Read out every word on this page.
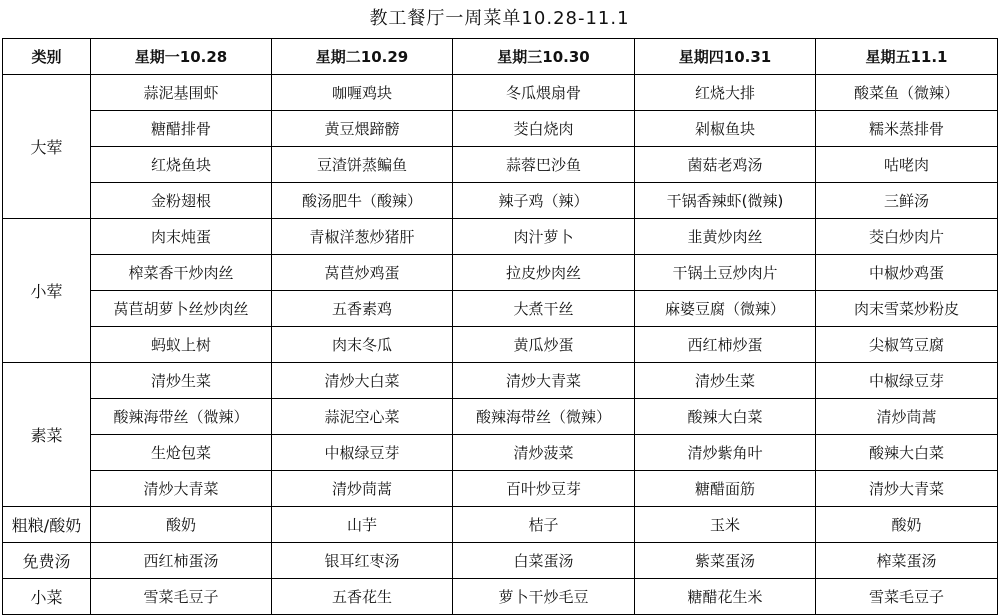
教工餐厅一周菜单10.28-11.1
类别	星期一10.28	星期二10.29	星期三10.30	星期四10.31	星期五11.1
大荤	蒜泥基围虾	咖喱鸡块	冬瓜煨扇骨	红烧大排	酸菜鱼（微辣）
	糖醋排骨	黄豆煨蹄髈	茭白烧肉	剁椒鱼块	糯米蒸排骨
	红烧鱼块	豆渣饼蒸鳊鱼	蒜蓉巴沙鱼	菌菇老鸡汤	咕咾肉
	金粉翅根	酸汤肥牛（酸辣）	辣子鸡（辣）	干锅香辣虾(微辣)	三鲜汤
小荤	肉末炖蛋	青椒洋葱炒猪肝	肉汁萝卜	韭黄炒肉丝	茭白炒肉片
	榨菜香干炒肉丝	莴苣炒鸡蛋	拉皮炒肉丝	干锅土豆炒肉片	中椒炒鸡蛋
	莴苣胡萝卜丝炒肉丝	五香素鸡	大煮干丝	麻婆豆腐（微辣）	肉末雪菜炒粉皮
	蚂蚁上树	肉末冬瓜	黄瓜炒蛋	西红柿炒蛋	尖椒笃豆腐
素菜	清炒生菜	清炒大白菜	清炒大青菜	清炒生菜	中椒绿豆芽
	酸辣海带丝（微辣）	蒜泥空心菜	酸辣海带丝（微辣）	酸辣大白菜	清炒茼蒿
	生炝包菜	中椒绿豆芽	清炒菠菜	清炒紫角叶	酸辣大白菜
	清炒大青菜	清炒茼蒿	百叶炒豆芽	糖醋面筋	清炒大青菜
粗粮/酸奶	酸奶	山芋	桔子	玉米	酸奶
免费汤	西红柿蛋汤	银耳红枣汤	白菜蛋汤	紫菜蛋汤	榨菜蛋汤
小菜	雪菜毛豆子	五香花生	萝卜干炒毛豆	糖醋花生米	雪菜毛豆子
